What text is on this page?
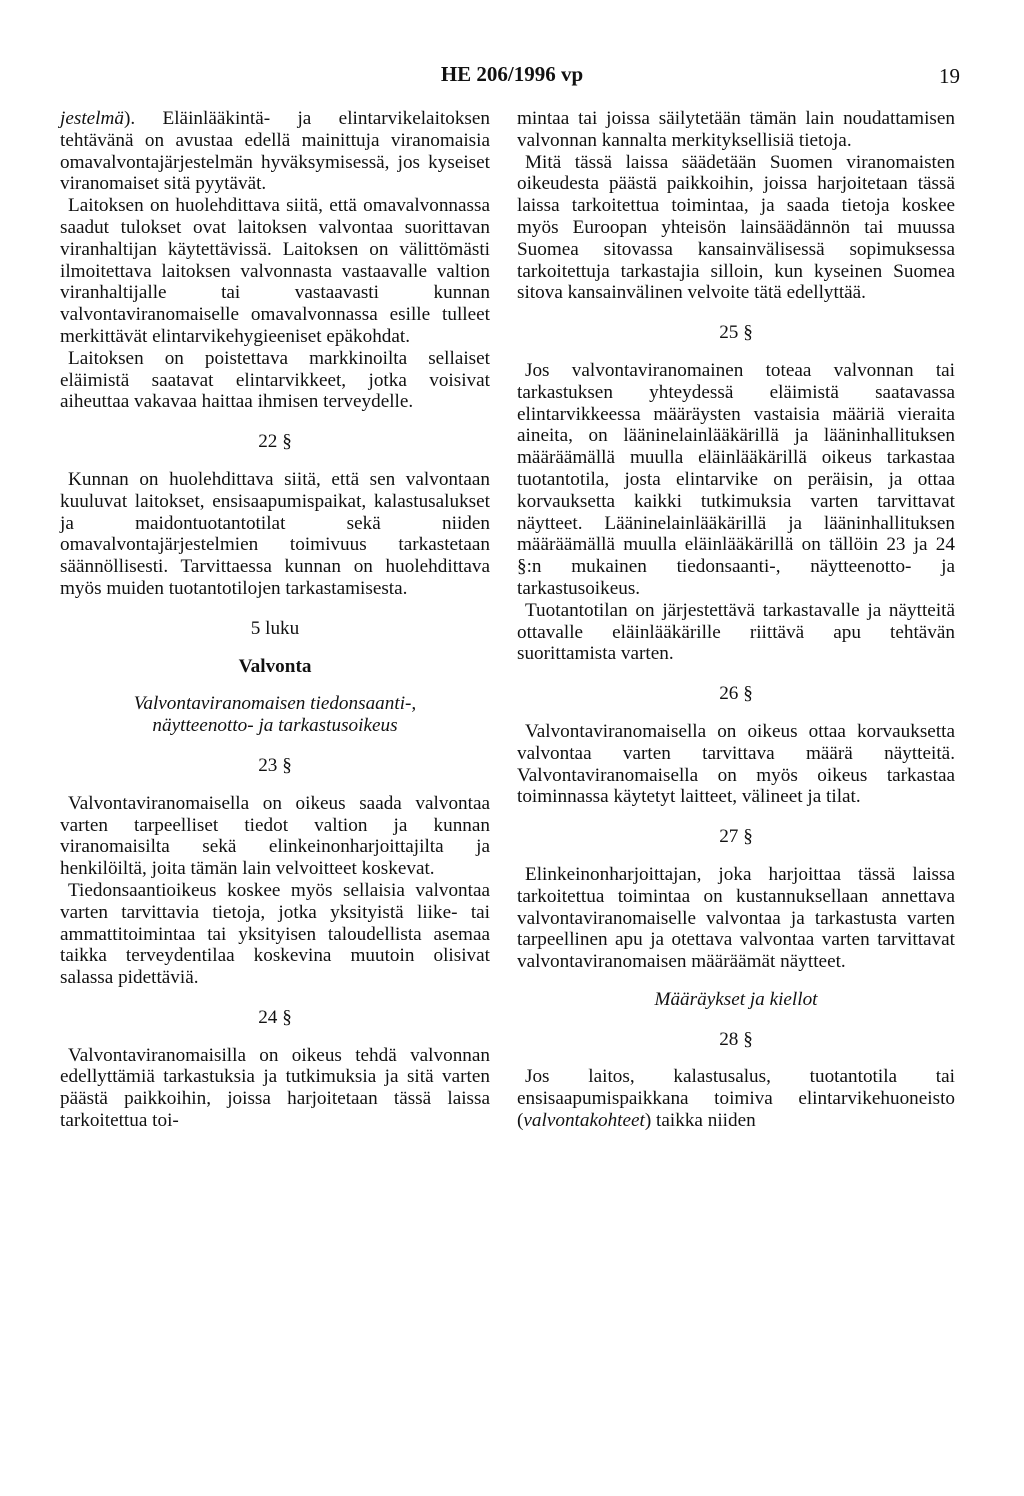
HE 206/1996 vp	19

jestelmä). Eläinlääkintä- ja elintarvikelaitoksen tehtävänä on avustaa edellä mainittuja viranomaisia omavalvontajärjestelmän hyväksymisessä, jos kyseiset viranomaiset sitä pyytävät.

Laitoksen on huolehdittava siitä, että omavalvonnassa saadut tulokset ovat laitoksen valvontaa suorittavan viranhaltijan käytettävissä. Laitoksen on välittömästi ilmoitettava laitoksen valvonnasta vastaavalle valtion viranhaltijalle tai vastaavasti kunnan valvontaviranomaiselle omavalvonnassa esille tulleet merkittävät elintarvikehygieeniset epäkohdat.

Laitoksen on poistettava markkinoilta sellaiset eläimistä saatavat elintarvikkeet, jotka voisivat aiheuttaa vakavaa haittaa ihmisen terveydelle.

22 §

Kunnan on huolehdittava siitä, että sen valvontaan kuuluvat laitokset, ensisaapumispaikat, kalastusalukset ja maidontuotantotilat sekä niiden omavalvontajärjestelmien toimivuus tarkastetaan säännöllisesti. Tarvittaessa kunnan on huolehdittava myös muiden tuotantotilojen tarkastamisesta.

5 luku
Valvonta
Valvontaviranomaisen tiedonsaanti-,
näytteenotto- ja tarkastusoikeus
23 §

Valvontaviranomaisella on oikeus saada valvontaa varten tarpeelliset tiedot valtion ja kunnan viranomaisilta sekä elinkeinonharjoittajilta ja henkilöiltä, joita tämän lain velvoitteet koskevat.

Tiedonsaantioikeus koskee myös sellaisia valvontaa varten tarvittavia tietoja, jotka yksityistä liike- tai ammattitoimintaa tai yksityisen taloudellista asemaa taikka terveydentilaa koskevina muutoin olisivat salassa pidettäviä.

24 §

Valvontaviranomaisilla on oikeus tehdä valvonnan edellyttämiä tarkastuksia ja tutkimuksia ja sitä varten päästä paikkoihin, joissa harjoitetaan tässä laissa tarkoitettua toi-

mintaa tai joissa säilytetään tämän lain noudattamisen valvonnan kannalta merkityksellisiä tietoja.

Mitä tässä laissa säädetään Suomen viranomaisten oikeudesta päästä paikkoihin, joissa harjoitetaan tässä laissa tarkoitettua toimintaa, ja saada tietoja koskee myös Euroopan yhteisön lainsäädännön tai muussa Suomea sitovassa kansainvälisessä sopimuksessa tarkoitettuja tarkastajia silloin, kun kyseinen Suomea sitova kansainvälinen velvoite tätä edellyttää.

25 §

Jos valvontaviranomainen toteaa valvonnan tai tarkastuksen yhteydessä eläimistä saatavassa elintarvikkeessa määräysten vastaisia määriä vieraita aineita, on lääninelainlääkärillä ja lääninhallituksen määräämällä muulla eläinlääkärillä oikeus tarkastaa tuotantotila, josta elintarvike on peräisin, ja ottaa korvauksetta kaikki tutkimuksia varten tarvittavat näytteet. Lääninelainlääkärillä ja lääninhallituksen määräämällä muulla eläinlääkärillä on tällöin 23 ja 24 §:n mukainen tiedonsaanti-, näytteenotto- ja tarkastusoikeus.

Tuotantotilan on järjestettävä tarkastavalle ja näytteitä ottavalle eläinlääkärille riittävä apu tehtävän suorittamista varten.

26 §

Valvontaviranomaisella on oikeus ottaa korvauksetta valvontaa varten tarvittava määrä näytteitä. Valvontaviranomaisella on myös oikeus tarkastaa toiminnassa käytetyt laitteet, välineet ja tilat.

27 §

Elinkeinonharjoittajan, joka harjoittaa tässä laissa tarkoitettua toimintaa on kustannuksellaan annettava valvontaviranomaiselle valvontaa ja tarkastusta varten tarpeellinen apu ja otettava valvontaa varten tarvittavat valvontaviranomaisen määräämät näytteet.

Määräykset ja kiellot
28 §

Jos laitos, kalastusalus, tuotantotila tai ensisaapumispaikkana toimiva elintarvikehuoneisto (valvontakohteet) taikka niiden
